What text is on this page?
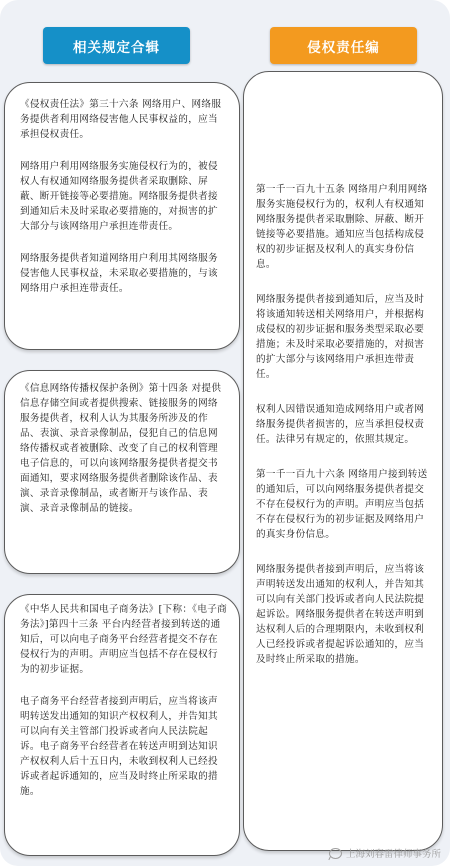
相关规定合辑	侵权责任编

《侵权责任法》第三十六条 网络用户、网络服务提供者利用网络侵害他人民事权益的，应当承担侵权责任。

网络用户利用网络服务实施侵权行为的，被侵权人有权通知网络服务提供者采取删除、屏蔽、断开链接等必要措施。网络服务提供者接到通知后未及时采取必要措施的，对损害的扩大部分与该网络用户承担连带责任。

网络服务提供者知道网络用户利用其网络服务侵害他人民事权益，未采取必要措施的，与该网络用户承担连带责任。

《信息网络传播权保护条例》第十四条 对提供信息存储空间或者提供搜索、链接服务的网络服务提供者，权利人认为其服务所涉及的作品、表演、录音录像制品，侵犯自己的信息网络传播权或者被删除、改变了自己的权利管理电子信息的，可以向该网络服务提供者提交书面通知，要求网络服务提供者删除该作品、表演、录音录像制品，或者断开与该作品、表演、录音录像制品的链接。

《中华人民共和国电子商务法》[下称：《电子商务法》]第四十三条 平台内经营者接到转送的通知后，可以向电子商务平台经营者提交不存在侵权行为的声明。声明应当包括不存在侵权行为的初步证据。

电子商务平台经营者接到声明后，应当将该声明转送发出通知的知识产权权利人，并告知其可以向有关主管部门投诉或者向人民法院起诉。电子商务平台经营者在转送声明到达知识产权权利人后十五日内，未收到权利人已经投诉或者起诉通知的，应当及时终止所采取的措施。

第一千一百九十五条 网络用户利用网络服务实施侵权行为的，权利人有权通知网络服务提供者采取删除、屏蔽、断开链接等必要措施。通知应当包括构成侵权的初步证据及权利人的真实身份信息。

网络服务提供者接到通知后，应当及时将该通知转送相关网络用户，并根据构成侵权的初步证据和服务类型采取必要措施；未及时采取必要措施的，对损害的扩大部分与该网络用户承担连带责任。

权利人因错误通知造成网络用户或者网络服务提供者损害的，应当承担侵权责任。法律另有规定的，依照其规定。

第一千一百九十六条 网络用户接到转送的通知后，可以向网络服务提供者提交不存在侵权行为的声明。声明应当包括不存在侵权行为的初步证据及网络用户的真实身份信息。

网络服务提供者接到声明后，应当将该声明转送发出通知的权利人，并告知其可以向有关部门投诉或者向人民法院提起诉讼。网络服务提供者在转送声明到达权利人后的合理期限内，未收到权利人已经投诉或者提起诉讼通知的，应当及时终止所采取的措施。

上海刘春雷律师事务所
